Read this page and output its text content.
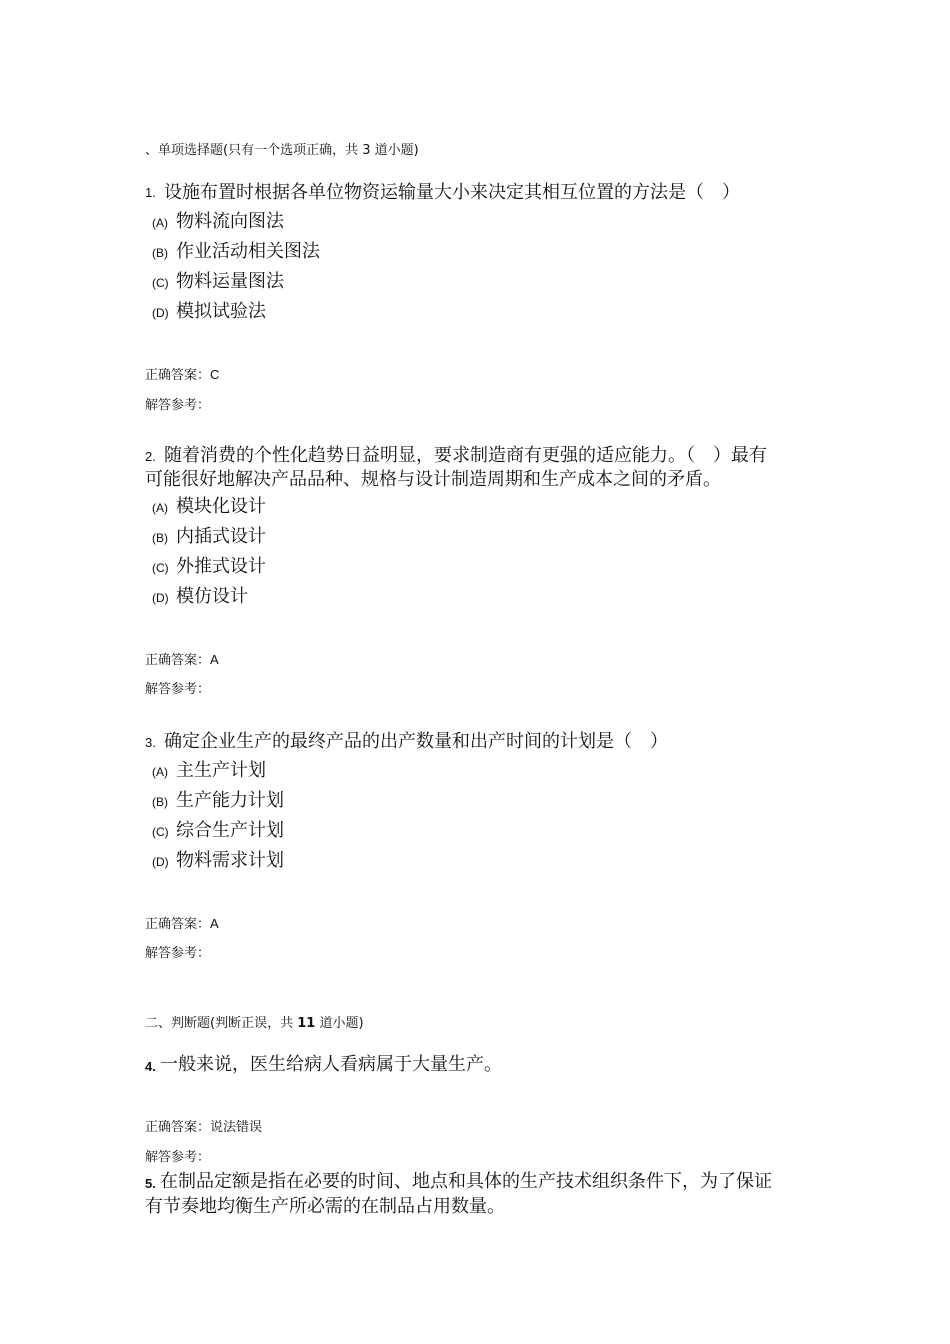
、单项选择题(只有一个选项正确，共 3 道小题)
1. 设施布置时根据各单位物资运输量大小来决定其相互位置的方法是（　）
(A) 物料流向图法
(B) 作业活动相关图法
(C) 物料运量图法
(D) 模拟试验法
正确答案：C
解答参考：
2. 随着消费的个性化趋势日益明显，要求制造商有更强的适应能力。（　）最有
可能很好地解决产品品种、规格与设计制造周期和生产成本之间的矛盾。
(A) 模块化设计
(B) 内插式设计
(C) 外推式设计
(D) 模仿设计
正确答案：A
解答参考：
3. 确定企业生产的最终产品的出产数量和出产时间的计划是（　）
(A) 主生产计划
(B) 生产能力计划
(C) 综合生产计划
(D) 物料需求计划
正确答案：A
解答参考：
二、判断题(判断正误，共 11 道小题)
4. 一般来说，医生给病人看病属于大量生产。
正确答案：说法错误
解答参考：
5. 在制品定额是指在必要的时间、地点和具体的生产技术组织条件下，为了保证
有节奏地均衡生产所必需的在制品占用数量。
